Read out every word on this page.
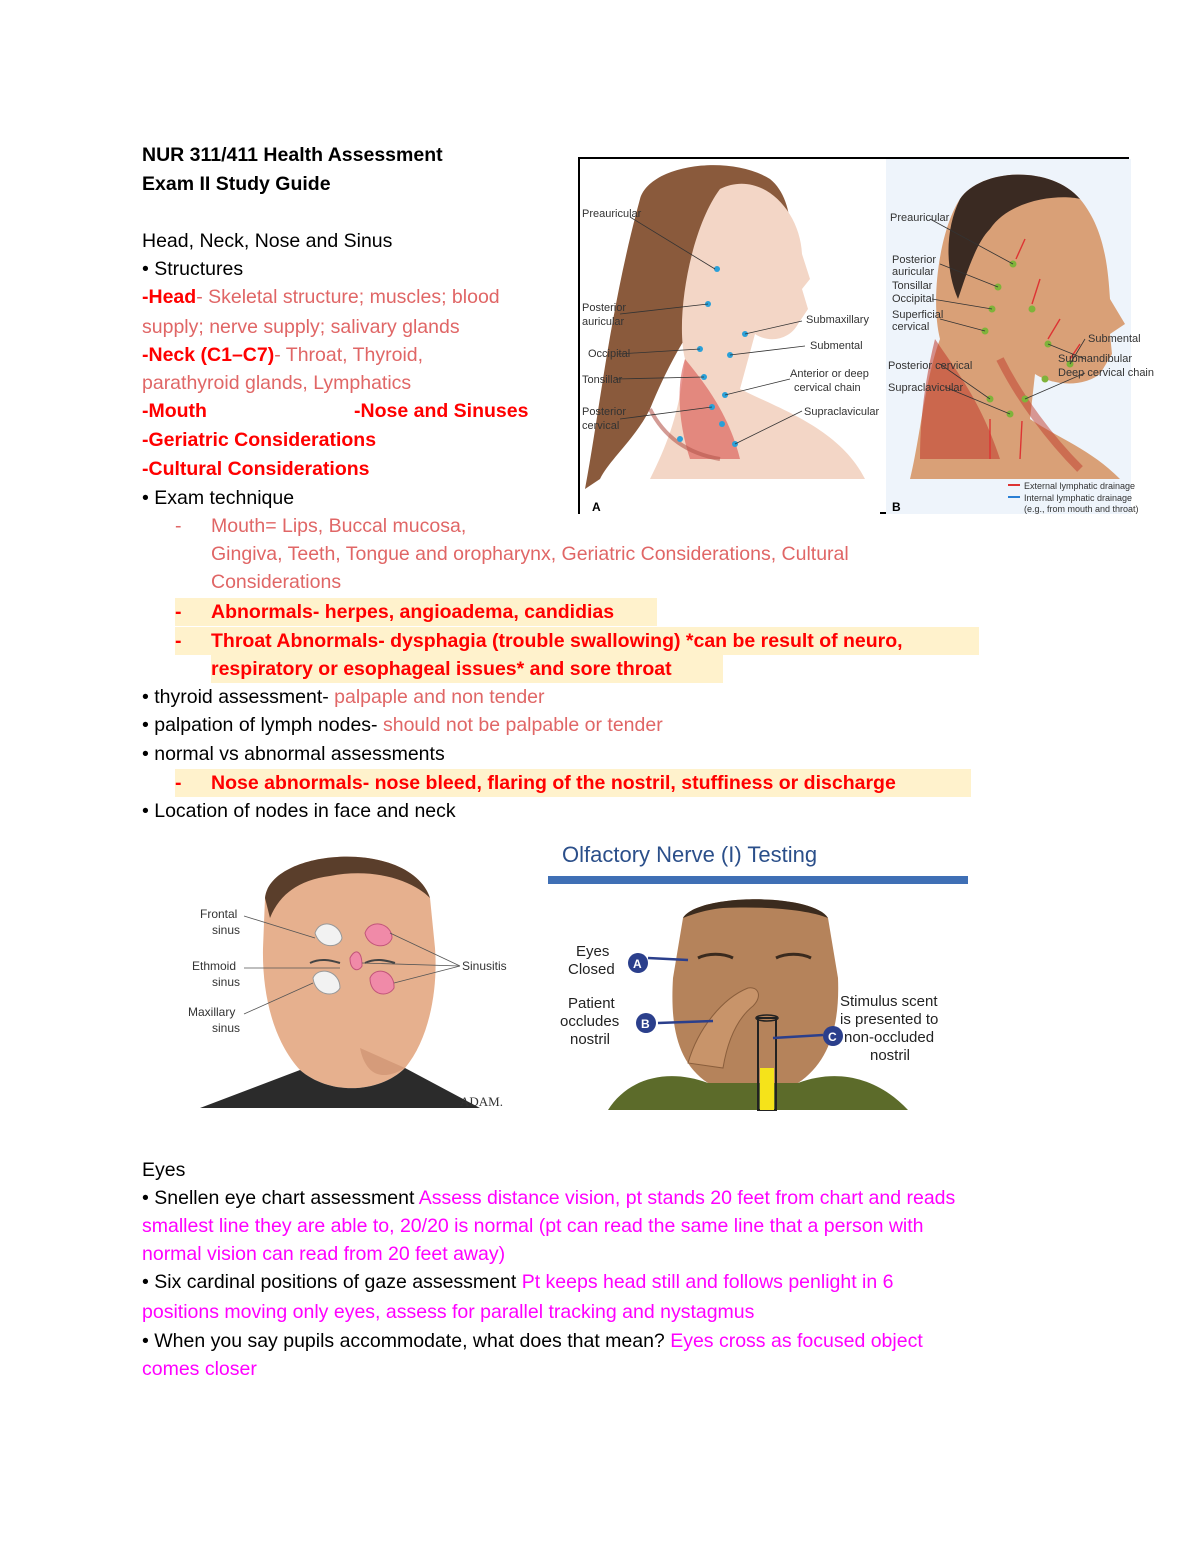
NUR 311/411 Health Assessment
Exam II Study Guide
Head, Neck, Nose and Sinus
• Structures
-Head- Skeletal structure; muscles; blood
supply; nerve supply; salivary glands
-Neck (C1–C7)- Throat, Thyroid,
parathyroid glands, Lymphatics
-Mouth	-Nose and Sinuses
-Geriatric Considerations
-Cultural Considerations
• Exam technique
- Mouth= Lips, Buccal mucosa,
Gingiva, Teeth, Tongue and oropharynx, Geriatric Considerations, Cultural
Considerations
- Abnormals- herpes, angioadema, candidias
- Throat Abnormals- dysphagia (trouble swallowing) *can be result of neuro,
respiratory or esophageal issues* and sore throat
• thyroid assessment- palpaple and non tender
• palpation of lymph nodes- should not be palpable or tender
• normal vs abnormal assessments
- Nose abnormals- nose bleed, flaring of the nostril, stuffiness or discharge
• Location of nodes in face and neck
Preauricular
Posterior
auricular
Occipital
Tonsillar
Posterior
cervical
Submaxillary
Submental
Anterior or deep
cervical chain
Supraclavicular
A
Preauricular
Posterior
auricular
Tonsillar
Occipital
Superficial
cervical
Posterior cervical
Supraclavicular
Submental
Submandibular
Deep cervical chain
B
External lymphatic drainage
Internal lymphatic drainage
(e.g., from mouth and throat)
Frontal
sinus
Ethmoid
sinus
Maxillary
sinus
Sinusitis
ADAM.
Olfactory Nerve (I) Testing
A
B
C
Eyes
Closed
Patient
occludes
nostril
Stimulus scent
is presented to
non-occluded
nostril
Eyes
• Snellen eye chart assessment Assess distance vision, pt stands 20 feet from chart and reads
smallest line they are able to, 20/20 is normal (pt can read the same line that a person with
normal vision can read from 20 feet away)
• Six cardinal positions of gaze assessment Pt keeps head still and follows penlight in 6
positions moving only eyes, assess for parallel tracking and nystagmus
• When you say pupils accommodate, what does that mean? Eyes cross as focused object
comes closer
